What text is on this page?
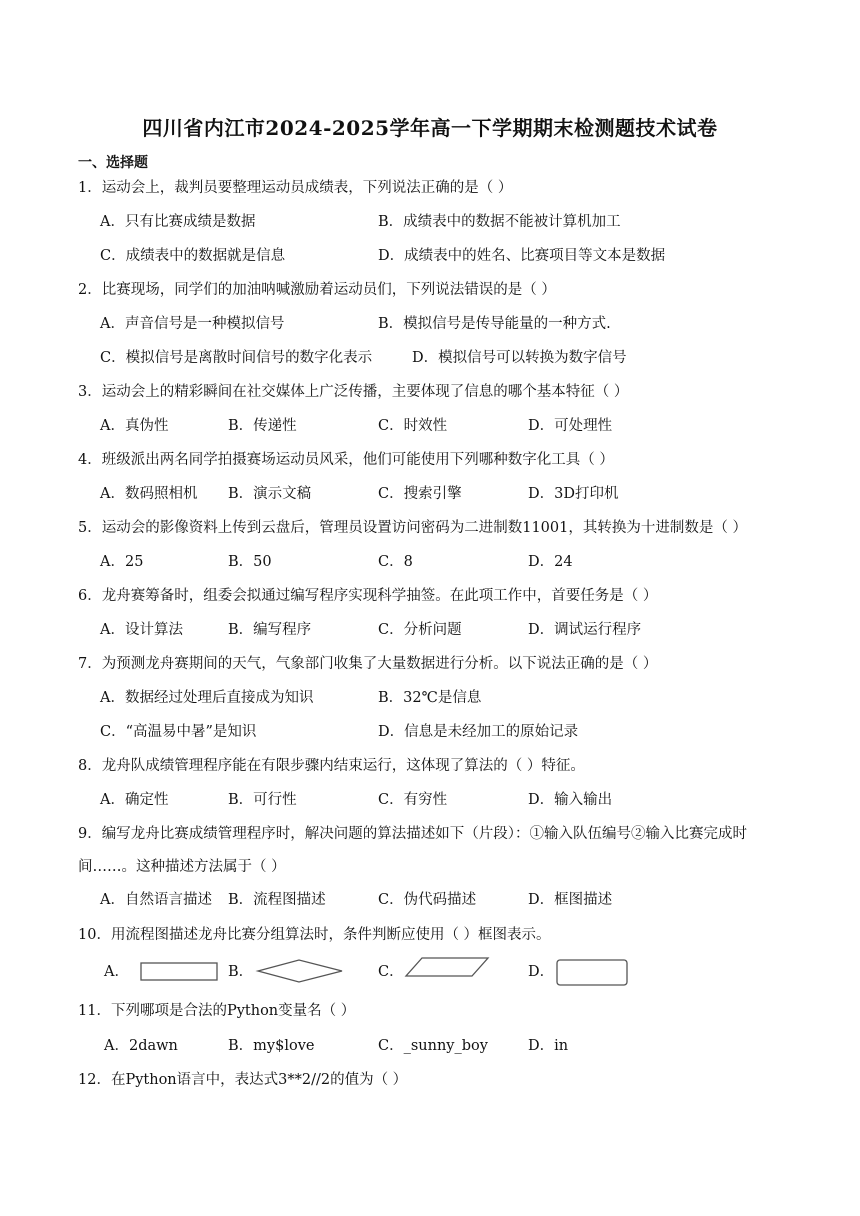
四川省内江市2024-2025学年高一下学期期末检测题技术试卷
一、选择题
1．运动会上，裁判员要整理运动员成绩表，下列说法正确的是（ ）
A．只有比赛成绩是数据	B．成绩表中的数据不能被计算机加工
C．成绩表中的数据就是信息	D．成绩表中的姓名、比赛项目等文本是数据
2．比赛现场，同学们的加油呐喊激励着运动员们，下列说法错误的是（ ）
A．声音信号是一种模拟信号	B．模拟信号是传导能量的一种方式.
C．模拟信号是离散时间信号的数字化表示	D．模拟信号可以转换为数字信号
3．运动会上的精彩瞬间在社交媒体上广泛传播，主要体现了信息的哪个基本特征（ ）
A．真伪性	B．传递性	C．时效性	D．可处理性
4．班级派出两名同学拍摄赛场运动员风采，他们可能使用下列哪种数字化工具（ ）
A．数码照相机 B．演示文稿	C．搜索引擎	D．3D打印机
5．运动会的影像资料上传到云盘后，管理员设置访问密码为二进制数11001，其转换为十进制数是（ ）
A．25	B．50	C．8	D．24
6．龙舟赛筹备时，组委会拟通过编写程序实现科学抽签。在此项工作中，首要任务是（ ）
A．设计算法	B．编写程序	C．分析问题	D．调试运行程序
7．为预测龙舟赛期间的天气，气象部门收集了大量数据进行分析。以下说法正确的是（ ）
A．数据经过处理后直接成为知识	B．32℃是信息
C．“高温易中暑”是知识	D．信息是未经加工的原始记录
8．龙舟队成绩管理程序能在有限步骤内结束运行，这体现了算法的（ ）特征。
A．确定性	B．可行性	C．有穷性	D．输入输出
9．编写龙舟比赛成绩管理程序时，解决问题的算法描述如下（片段）：①输入队伍编号②输入比赛完成时间……。这种描述方法属于（ ）
A．自然语言描述 B．流程图描述	C．伪代码描述	D．框图描述
10．用流程图描述龙舟比赛分组算法时，条件判断应使用（ ）框图表示。
A．	B．	C．	D．
11．下列哪项是合法的Python变量名（ ）
A．2dawn	B．my$love	C．_sunny_boy	D．in
12．在Python语言中，表达式3**2//2的值为（ ）
